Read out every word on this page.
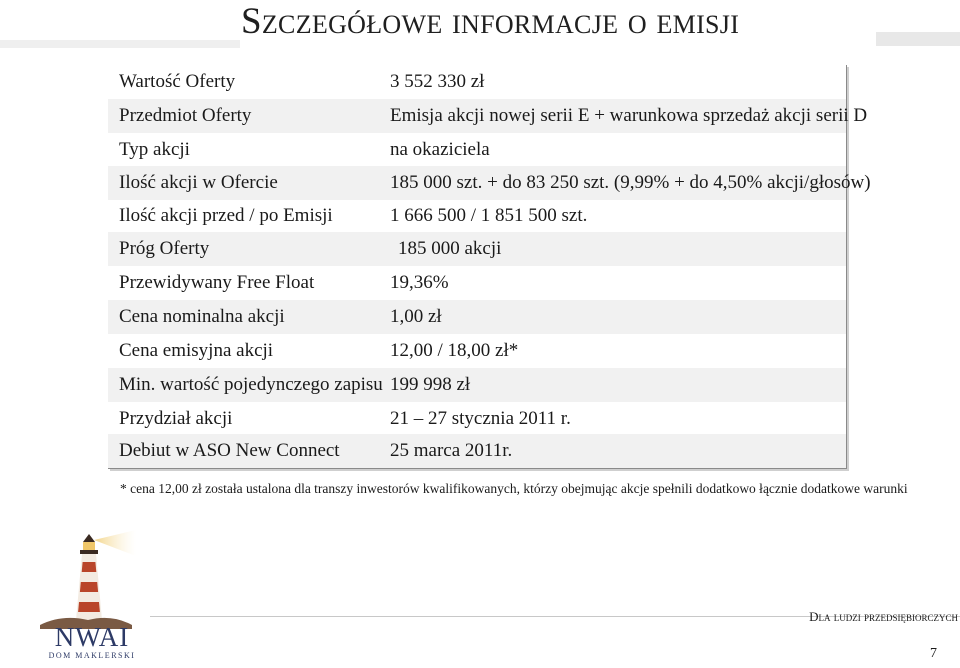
Szczegółowe informacje o emisji
Wartość Oferty	3 552 330 zł
Przedmiot Oferty	Emisja akcji nowej serii E + warunkowa sprzedaż akcji serii D
Typ akcji	na okaziciela
Ilość akcji w Ofercie	185 000 szt. + do 83 250 szt. (9,99% + do 4,50% akcji/głosów)
Ilość akcji przed / po Emisji	1 666 500 / 1 851 500 szt.
Próg Oferty	185 000 akcji
Przewidywany Free Float	19,36%
Cena nominalna akcji	1,00 zł
Cena emisyjna akcji	12,00 / 18,00 zł*
Min. wartość pojedynczego zapisu 199 998 zł
Przydział akcji	21 – 27 stycznia 2011 r.
Debiut w ASO New Connect	25 marca 2011r.
* cena 12,00 zł została ustalona dla transzy inwestorów kwalifikowanych, którzy obejmując akcje spełnili dodatkowo łącznie dodatkowe warunki
NWAI
DOM MAKLERSKI
Dla ludzi przedsiębiorczych
7
